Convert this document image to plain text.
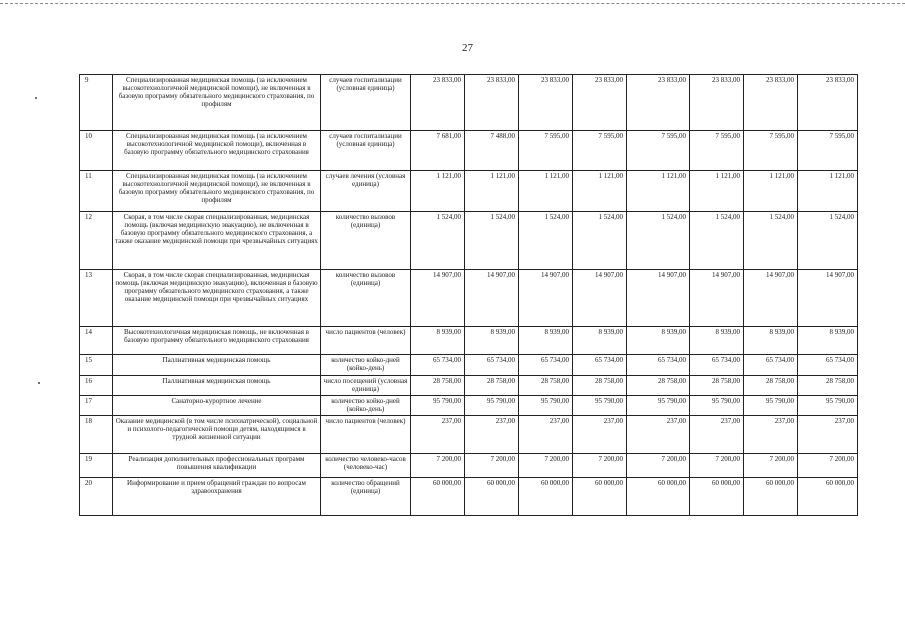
27
9	Специализированная медицинская помощь (за исключением высокотехнологичной медицинской помощи), не включенная в базовую программу обязательного медицинского страхования, по профилям	случаев госпитализации (условная единица)	23 833,00	23 833,00	23 833,00	23 833,00	23 833,00	23 833,00	23 833,00	23 833,00
10	Специализированная медицинская помощь (за исключением высокотехнологичной медицинской помощи), включенная в базовую программу обязательного медицинского страхования	случаев госпитализации (условная единица)	7 681,00	7 488,00	7 595,00	7 595,00	7 595,00	7 595,00	7 595,00	7 595,00
11	Специализированная медицинская помощь (за исключением высокотехнологичной медицинской помощи), не включенная в базовую программу обязательного медицинского страхования, по профилям	случаев лечения (условная единица)	1 121,00	1 121,00	1 121,00	1 121,00	1 121,00	1 121,00	1 121,00	1 121,00
12	Скорая, в том числе скорая специализированная, медицинская помощь (включая медицинскую эвакуацию), не включенная в базовую программу обязательного медицинского страхования, а также оказание медицинской помощи при чрезвычайных ситуациях	количество вызовов (единица)	1 524,00	1 524,00	1 524,00	1 524,00	1 524,00	1 524,00	1 524,00	1 524,00
13	Скорая, в том числе скорая специализированная, медицинская помощь (включая медицинскую эвакуацию), включенная в базовую программу обязательного медицинского страхования, а также оказание медицинской помощи при чрезвычайных ситуациях	количество вызовов (единица)	14 907,00	14 907,00	14 907,00	14 907,00	14 907,00	14 907,00	14 907,00	14 907,00
14	Высокотехнологичная медицинская помощь, не включенная в базовую программу обязательного медицинского страхования	число пациентов (человек)	8 939,00	8 939,00	8 939,00	8 939,00	8 939,00	8 939,00	8 939,00	8 939,00
15	Паллиативная медицинская помощь	количество койко-дней (койко-день)	65 734,00	65 734,00	65 734,00	65 734,00	65 734,00	65 734,00	65 734,00	65 734,00
16	Паллиативная медицинская помощь	число посещений (условная единица)	28 758,00	28 758,00	28 758,00	28 758,00	28 758,00	28 758,00	28 758,00	28 758,00
17	Санаторно-курортное лечение	количество койко-дней (койко-день)	95 790,00	95 790,00	95 790,00	95 790,00	95 790,00	95 790,00	95 790,00	95 790,00
18	Оказание медицинской (в том числе психиатрической), социальной и психолого-педагогической помощи детям, находящимся в трудной жизненной ситуации	число пациентов (человек)	237,00	237,00	237,00	237,00	237,00	237,00	237,00	237,00
19	Реализация дополнительных профессиональных программ повышения квалификации	количество человеко-часов (человеко-час)	7 200,00	7 200,00	7 200,00	7 200,00	7 200,00	7 200,00	7 200,00	7 200,00
20	Информирование и прием обращений граждан по вопросам здравоохранения	количество обращений (единица)	60 000,00	60 000,00	60 000,00	60 000,00	60 000,00	60 000,00	60 000,00	60 000,00
